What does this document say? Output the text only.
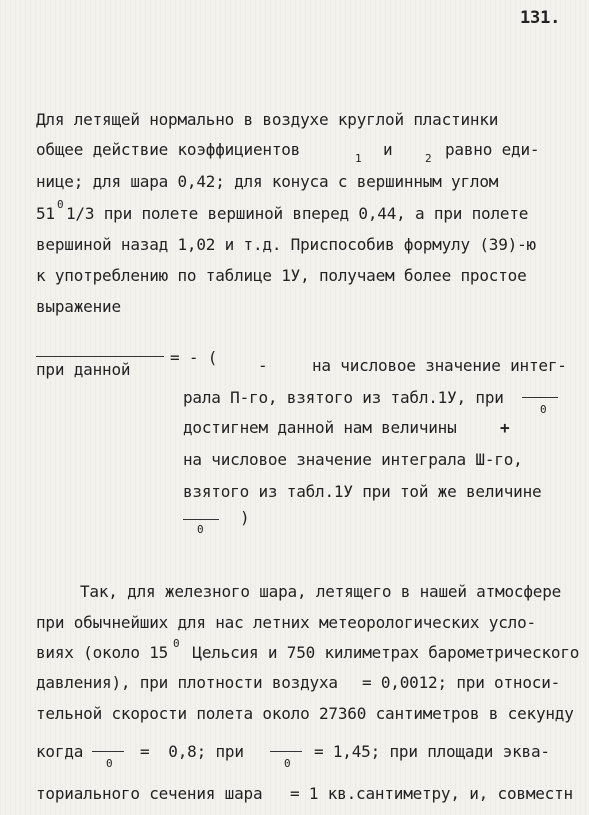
131.
Для летящей нормально в воздухе круглой пластинки
общее действие коэффициентов	1 и	2 равно еди-
нице; для шара 0,42; для конуса с вершинным углом
51 0 1/3 при полете вершиной вперед 0,44, а при полете
вершиной назад 1,02 и т.д. Приспособив формулу (39)-ю
к употреблению по таблице 1У, получаем более простое
выражение
при данной
= - (	-	на числовое значение интег-
рала П-го, взятого из табл.1У, при
0
достигнем данной нам величины	+
на числовое значение интеграла Ш-го,
взятого из табл.1У при той же величине
0
)
Так, для железного шара, летящего в нашей атмосфере
при обычнейших для нас летних метеорологических усло-
виях (около 15 0 Цельсия и 750 килиметрах барометрического
давления), при плотности воздуха = 0,0012; при относи-
тельной скорости полета около 27360 сантиметров в секунду
когда
0
=  0,8; при
0
= 1,45; при площади эква-
ториального сечения шара = 1 кв.сантиметру, и, совместн
